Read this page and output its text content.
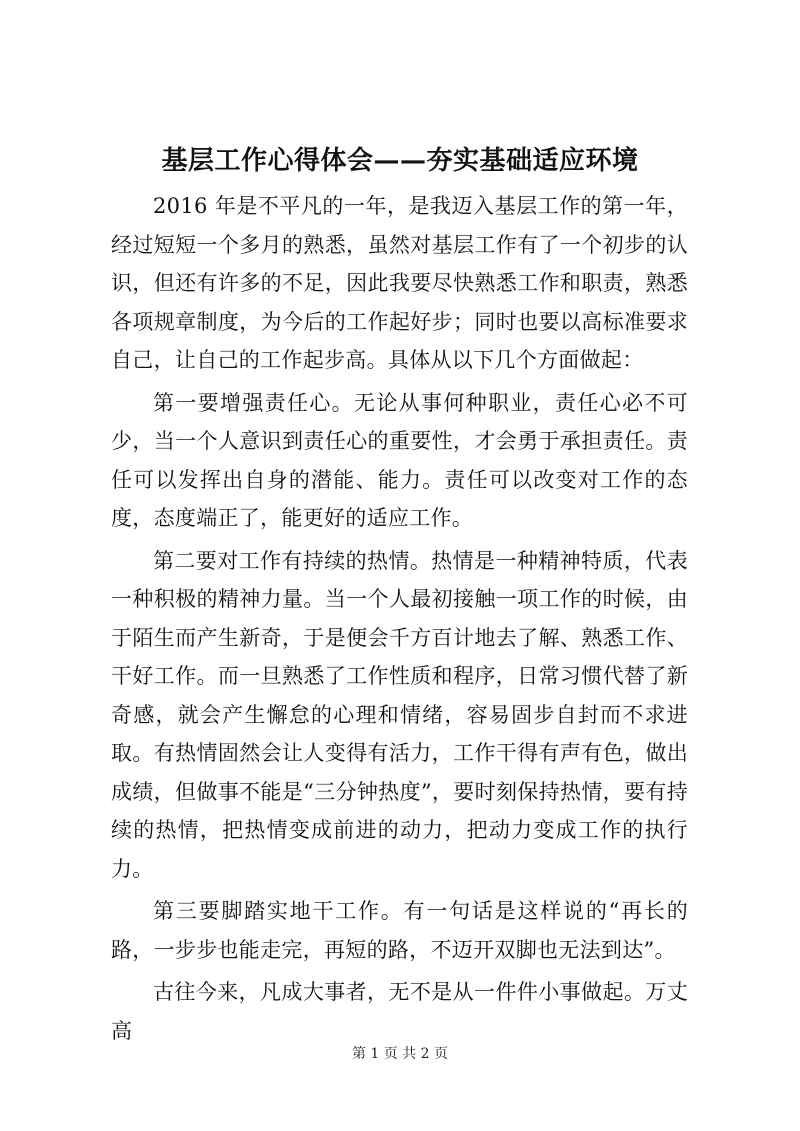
基层工作心得体会——夯实基础适应环境

2016 年是不平凡的一年，是我迈入基层工作的第一年，经过短短一个多月的熟悉，虽然对基层工作有了一个初步的认识，但还有许多的不足，因此我要尽快熟悉工作和职责，熟悉各项规章制度，为今后的工作起好步；同时也要以高标准要求自己，让自己的工作起步高。具体从以下几个方面做起：

第一要增强责任心。无论从事何种职业，责任心必不可少，当一个人意识到责任心的重要性，才会勇于承担责任。责任可以发挥出自身的潜能、能力。责任可以改变对工作的态度，态度端正了，能更好的适应工作。

第二要对工作有持续的热情。热情是一种精神特质，代表一种积极的精神力量。当一个人最初接触一项工作的时候，由于陌生而产生新奇，于是便会千方百计地去了解、熟悉工作、干好工作。而一旦熟悉了工作性质和程序，日常习惯代替了新奇感，就会产生懈怠的心理和情绪，容易固步自封而不求进取。有热情固然会让人变得有活力，工作干得有声有色，做出成绩，但做事不能是“三分钟热度”，要时刻保持热情，要有持续的热情，把热情变成前进的动力，把动力变成工作的执行力。

第三要脚踏实地干工作。有一句话是这样说的“再长的路，一步步也能走完，再短的路，不迈开双脚也无法到达”。

古往今来，凡成大事者，无不是从一件件小事做起。万丈高

第 1 页 共 2 页
